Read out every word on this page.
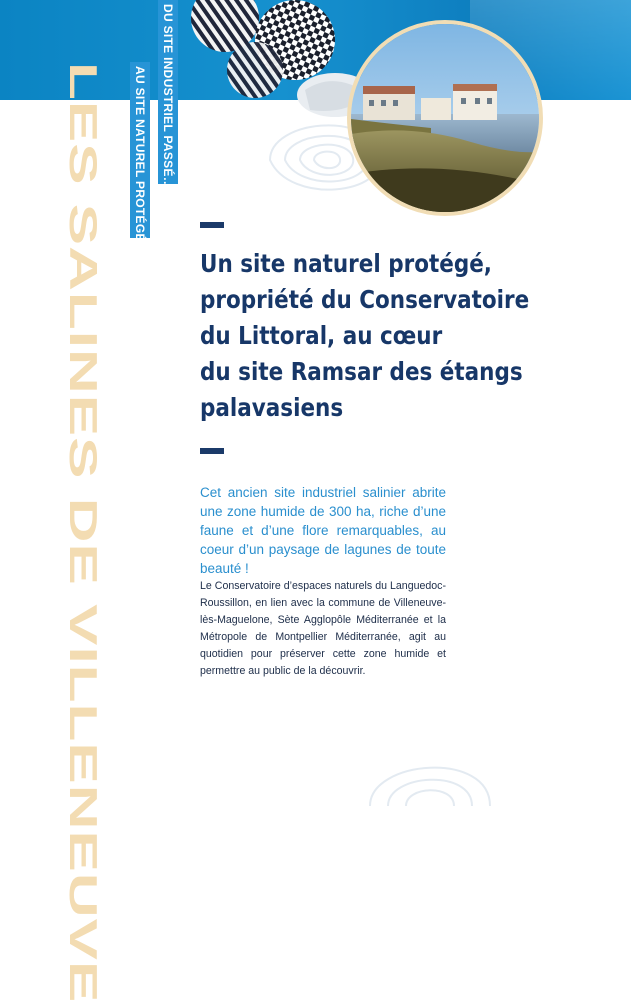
LES SALINES DE VILLENEUVE	DU SITE INDUSTRIEL PASSÉ…
AU SITE NATUREL PROTÉGÉ
Un site naturel protégé,
propriété du Conservatoire
du Littoral, au cœur
du site Ramsar des étangs
palavasiens

Cet ancien site industriel salinier abrite une zone humide de 300 ha, riche d’une faune et d’une flore remarquables, au coeur d’un paysage de lagunes de toute beauté !

Le Conservatoire d’espaces naturels du Languedoc-Roussillon, en lien avec la commune de Villeneuve-lès-Maguelone, Sète Agglopôle Méditerranée et la Métropole de Montpellier Méditerranée, agit au quotidien pour préserver cette zone humide et permettre au public de la découvrir.
